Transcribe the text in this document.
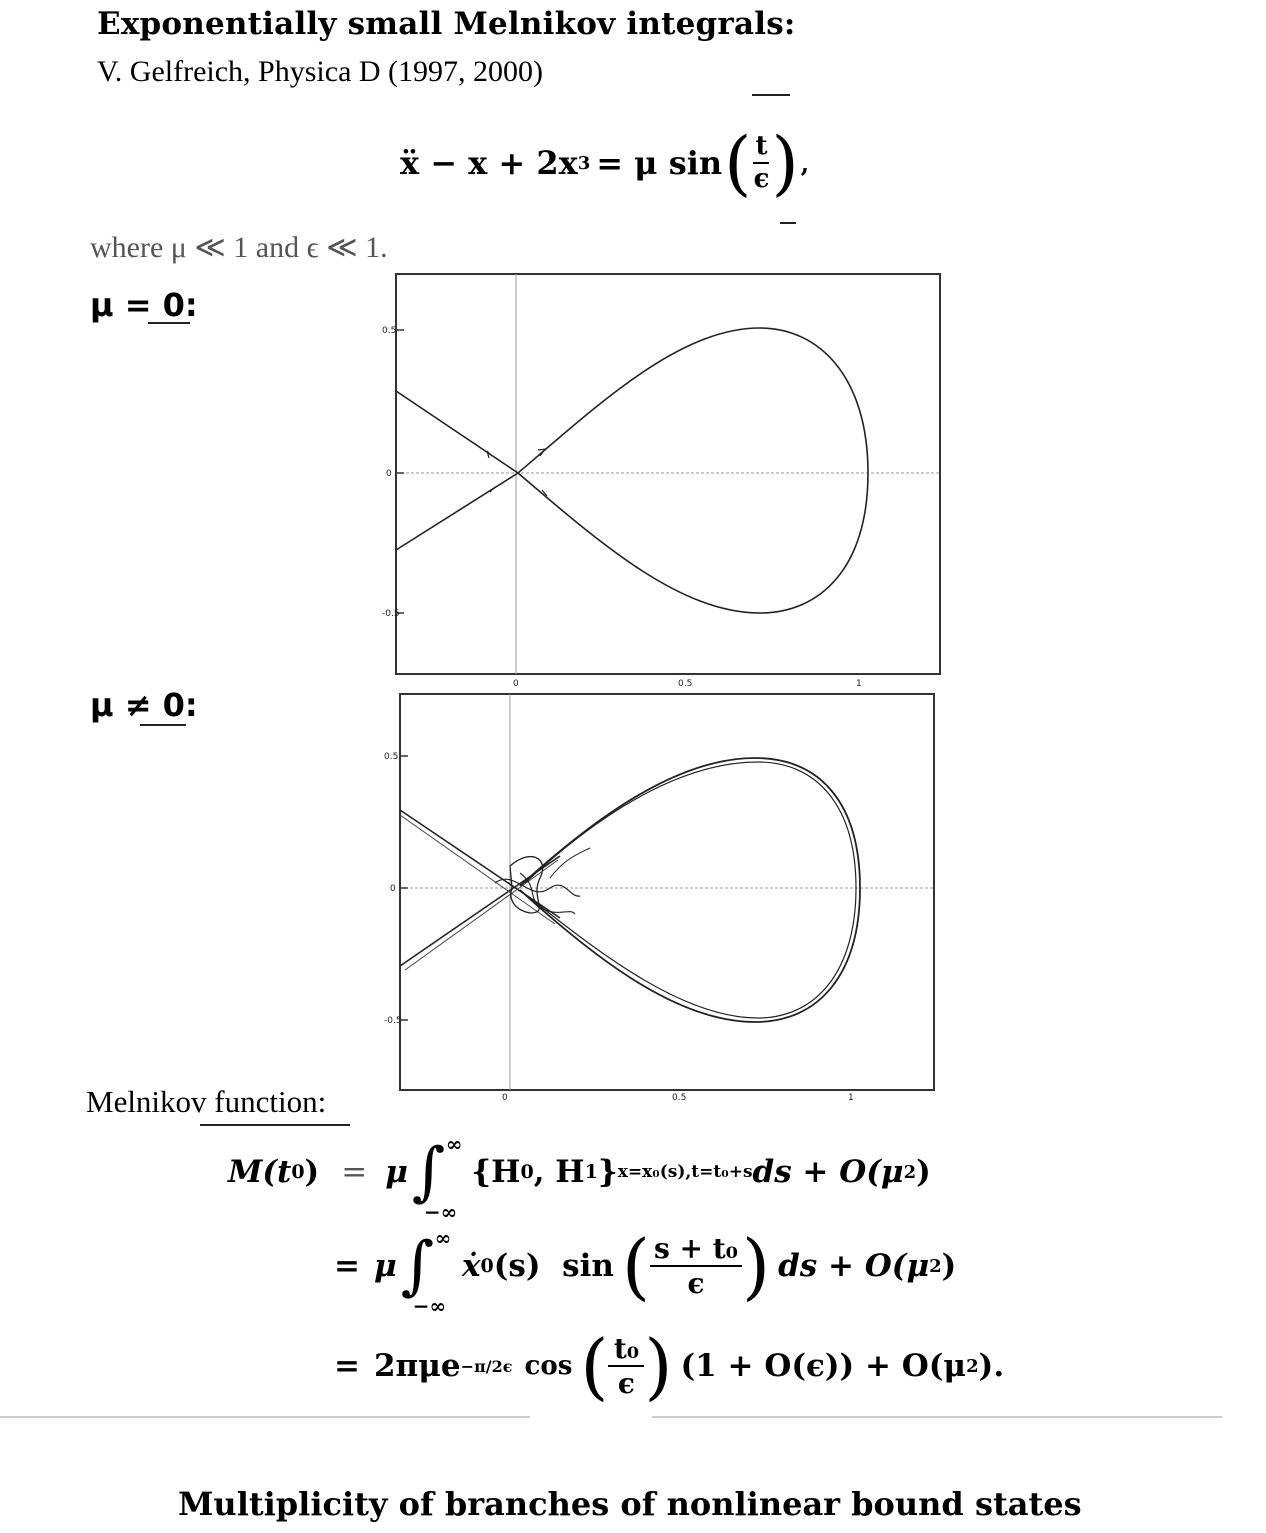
Exponentially small Melnikov integrals:
V. Gelfreich, Physica D (1997, 2000)
ẍ − x + 2x 3 = μ sin ( $\frac{t}{\epsilon}$ ) ,
where μ ≪ 1 and ϵ ≪ 1.
μ = 0:
μ ≠ 0:
0.5
0
-0.5
0	0.5	1
0.5
0
-0.5
0	0.5	1
Melnikov function:
M(t 0 ) = μ ∫ ∞
−∞
{H 0 , H 1 } x=x₀(s),t=t₀+s ds + O(μ 2 )
= μ ∫ ∞
−∞
ẋ 0 (s)  sin ( $\frac{\text{s + t₀}}{\epsilon}$ ) ds + O(μ 2 )
= 2πμe −π/2ϵ cos ( $\frac{\text{t₀}}{\epsilon}$ ) (1 + O(ϵ)) + O(μ 2 ).
Multiplicity of branches of nonlinear bound states
